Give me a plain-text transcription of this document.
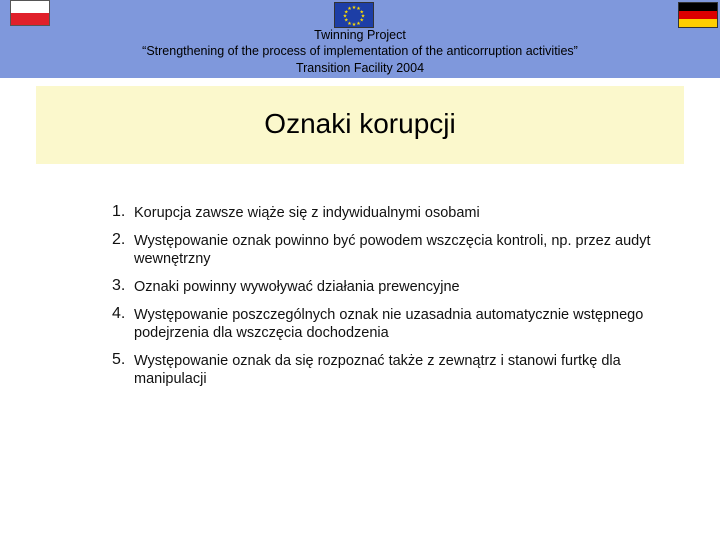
★ ★
★
★
★
★
★
★
★
★
★
★
Twinning Project
“Strengthening of the process of implementation of the anticorruption activities”
Transition Facility 2004
Oznaki korupcji
1. Korupcja zawsze wiąże się z indywidualnymi osobami
2. Występowanie oznak powinno być powodem wszczęcia kontroli, np. przez audyt wewnętrzny
3. Oznaki powinny wywoływać działania prewencyjne
4. Występowanie poszczególnych oznak nie uzasadnia automatycznie wstępnego podejrzenia dla wszczęcia dochodzenia
5. Występowanie oznak da się rozpoznać także z zewnątrz i stanowi furtkę dla manipulacji
